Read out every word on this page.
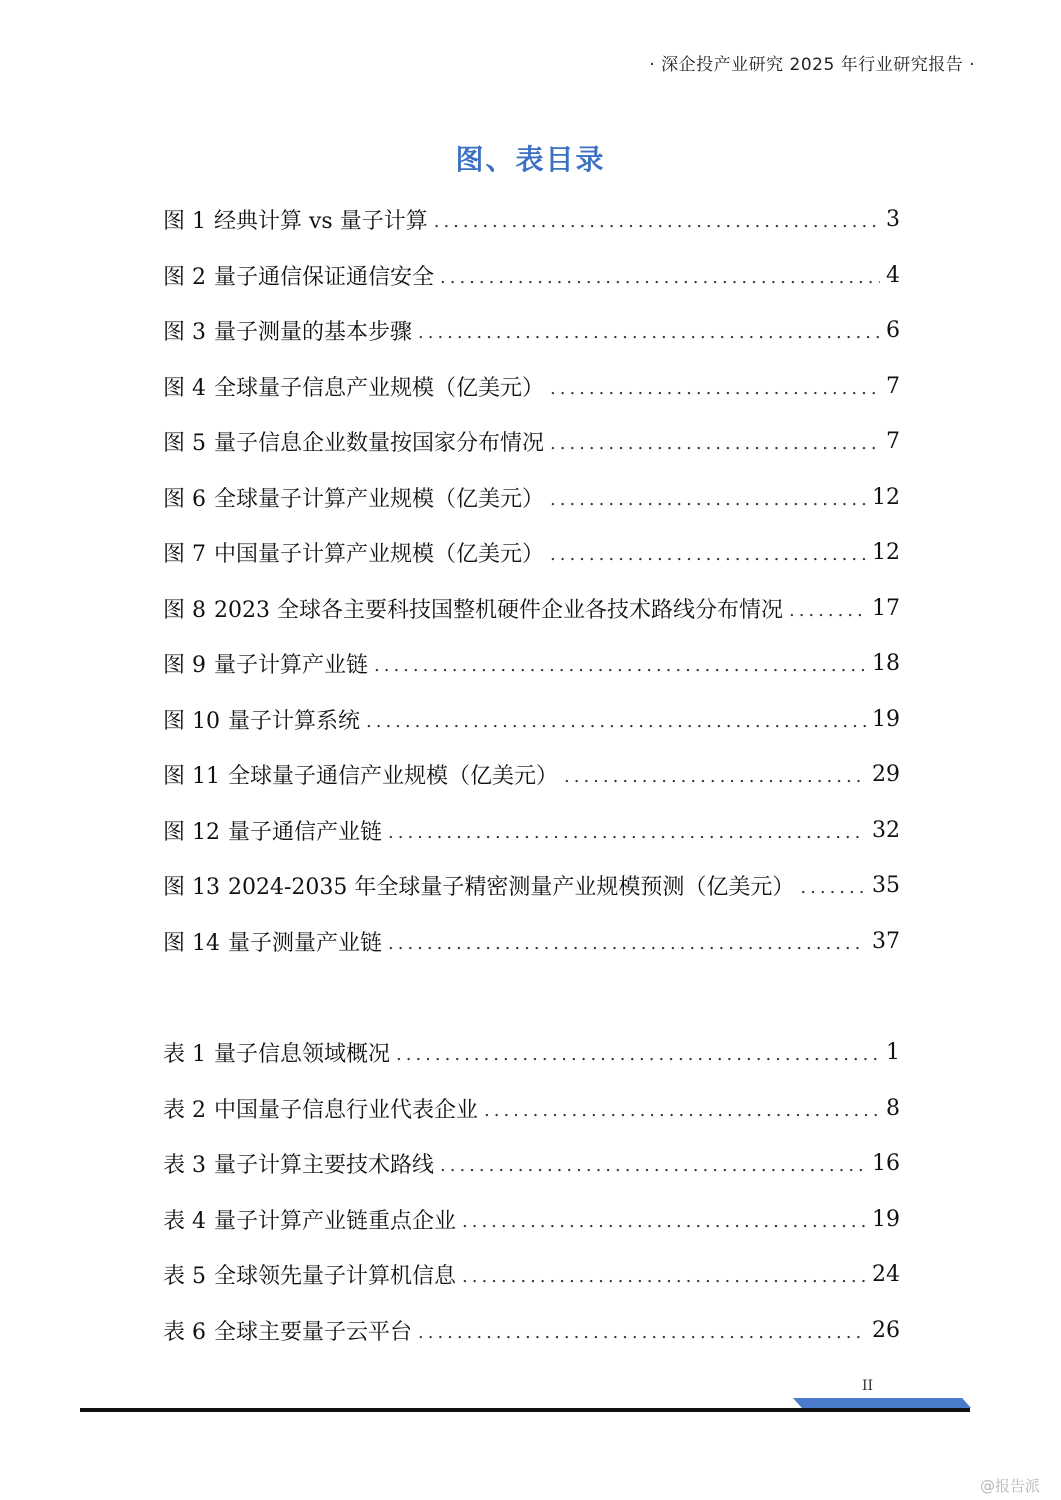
· 深企投产业研究 2025 年行业研究报告 ·
图、表目录
图 1 经典计算 vs 量子计算 .....	3
图 2 量子通信保证通信安全 .....	4
图 3 量子测量的基本步骤 .....	6
图 4 全球量子信息产业规模（亿美元） .....	7
图 5 量子信息企业数量按国家分布情况 .....	7
图 6 全球量子计算产业规模（亿美元） .....	12
图 7 中国量子计算产业规模（亿美元） .....	12
图 8 2023 全球各主要科技国整机硬件企业各技术路线分布情况 .....	17
图 9 量子计算产业链 .....	18
图 10 量子计算系统 .....	19
图 11 全球量子通信产业规模（亿美元） .....	29
图 12 量子通信产业链 .....	32
图 13 2024-2035 年全球量子精密测量产业规模预测（亿美元） .....	35
图 14 量子测量产业链 .....	37
表 1 量子信息领域概况 .....	1
表 2 中国量子信息行业代表企业 .....	8
表 3 量子计算主要技术路线 .....	16
表 4 量子计算产业链重点企业 .....	19
表 5 全球领先量子计算机信息 .....	24
表 6 全球主要量子云平台 .....	26
II
@报告派
